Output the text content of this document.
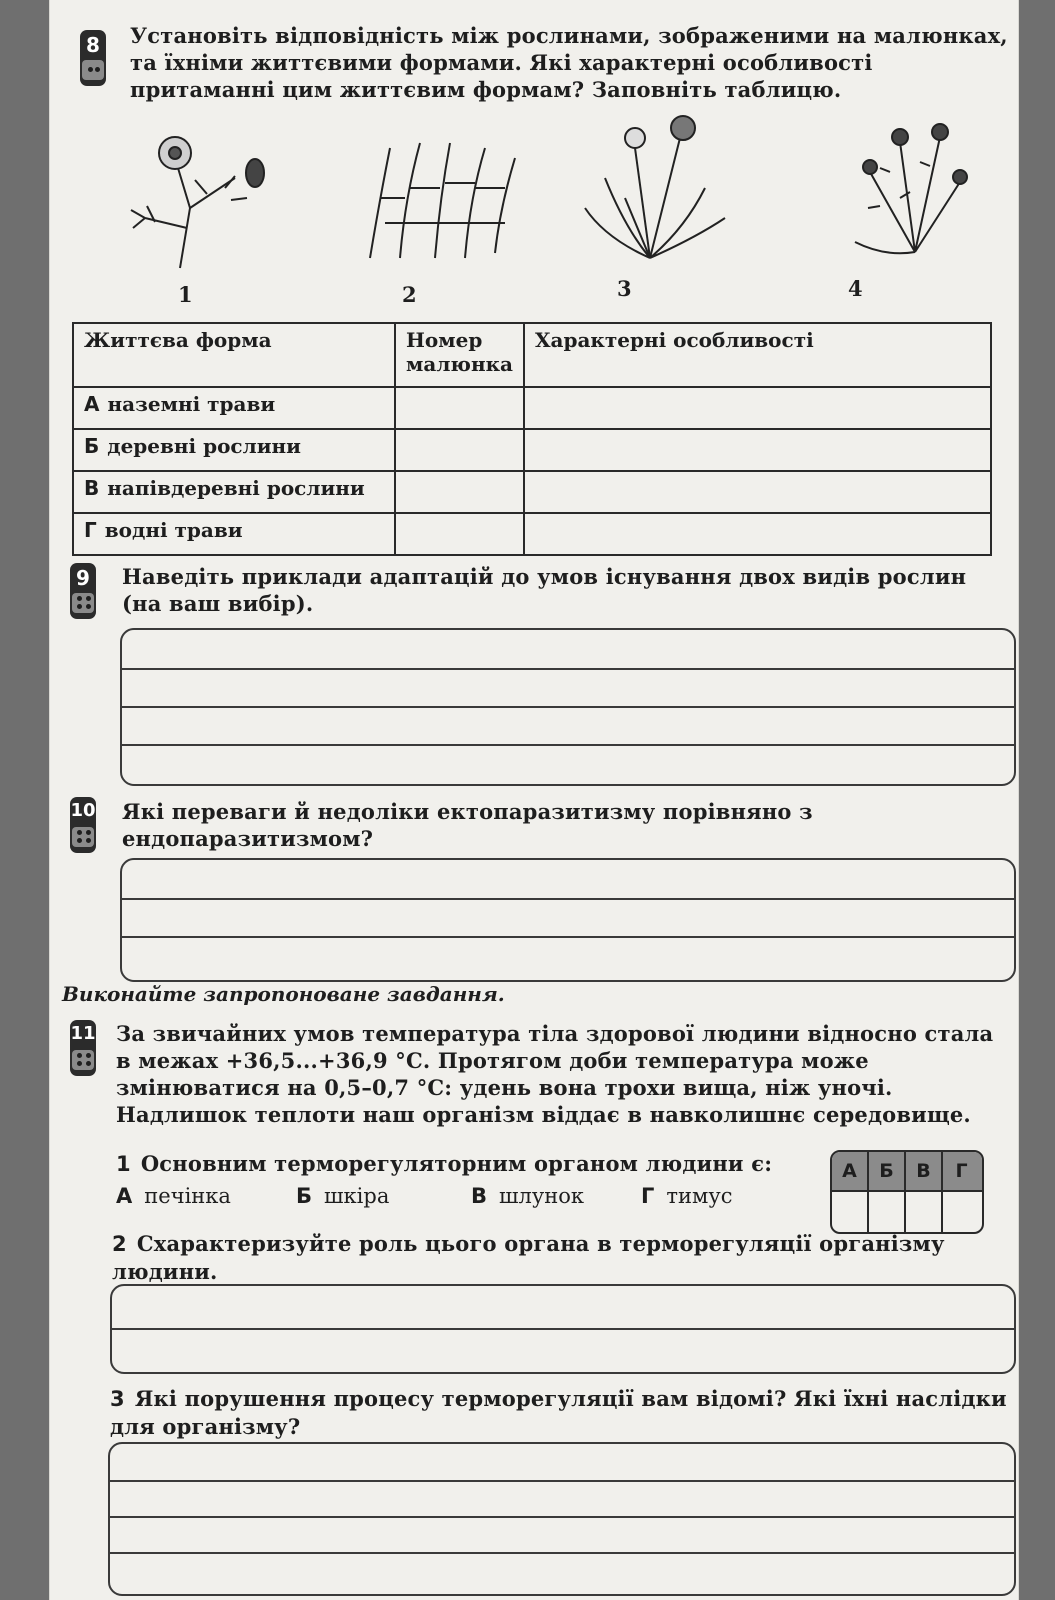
8 Установіть відповідність між рослинами, зображеними на малюнках, та їхніми життєвими формами. Які характерні особливості притаманні цим життєвим формам? Заповніть таблицю.
1	2	3	4
Життєва форма	Номер малюнка	Характерні особливості
А наземні трави		
Б деревні рослини		
В напівдеревні рослини		
Г водні трави		
9 Наведіть приклади адаптацій до умов існування двох видів рослин (на ваш вибір).
10 Які переваги й недоліки ектопаразитизму порівняно з ендопаразитизмом?
Виконайте запропоноване завдання.
11 За звичайних умов температура тіла здорової людини відносно стала в межах +36,5...+36,9 °С. Протягом доби температура може змінюватися на 0,5–0,7 °С: удень вона трохи вища, ніж уночі. Надлишок теплоти наш організм віддає в навколишнє середовище.
1 Основним терморегуляторним органом людини є:
А печінка	Б шкіра	В шлунок	Г тимус
А	Б	В	Г
2 Схарактеризуйте роль цього органа в терморегуляції організму людини.
3 Які порушення процесу терморегуляції вам відомі? Які їхні наслідки для організму?
